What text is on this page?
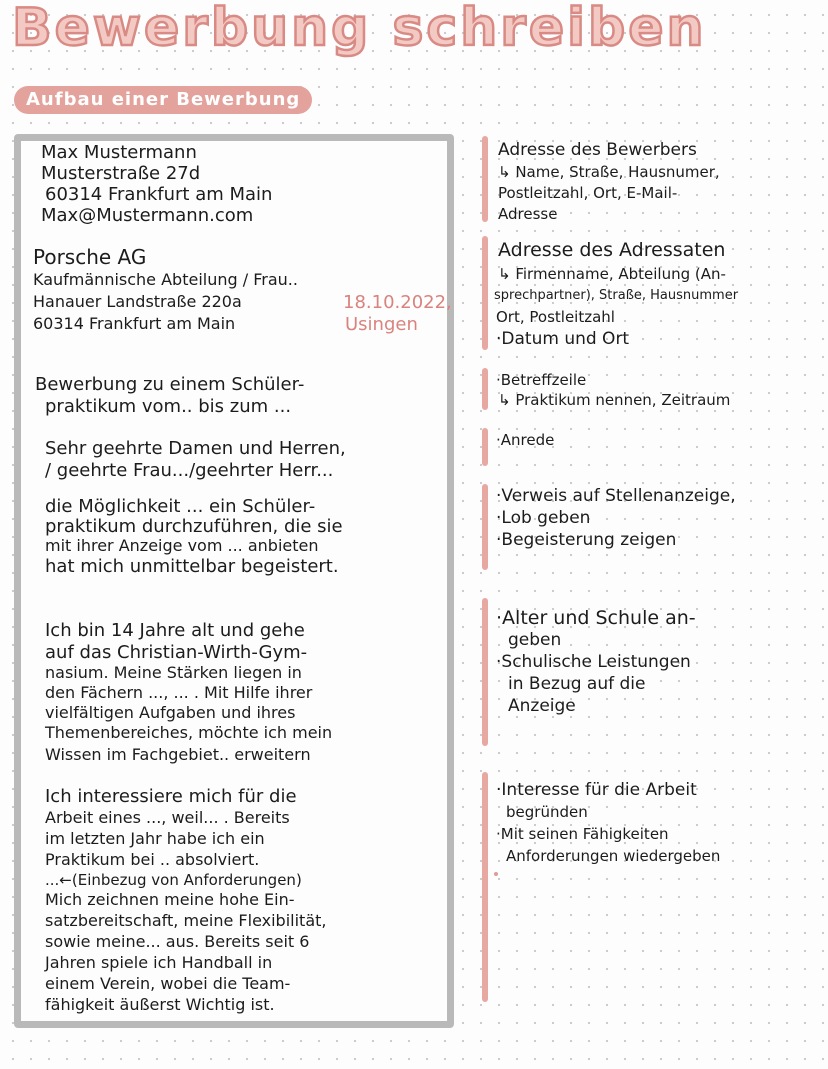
Bewerbung schreiben
Aufbau einer Bewerbung
Max Mustermann
Musterstraße 27d
60314 Frankfurt am Main
Max@Mustermann.com
Porsche AG
Kaufmännische Abteilung / Frau..
Hanauer Landstraße 220a
60314 Frankfurt am Main
18.10.2022,
Usingen
Bewerbung zu einem Schüler-
praktikum vom.. bis zum ...
Sehr geehrte Damen und Herren,
/ geehrte Frau.../geehrter Herr...
die Möglichkeit ... ein Schüler-
praktikum durchzuführen, die sie
mit ihrer Anzeige vom ... anbieten
hat mich unmittelbar begeistert.
Ich bin 14 Jahre alt und gehe
auf das Christian-Wirth-Gym-
nasium. Meine Stärken liegen in
den Fächern ..., ... . Mit Hilfe ihrer
vielfältigen Aufgaben und ihres
Themenbereiches, möchte ich mein
Wissen im Fachgebiet.. erweitern
Ich interessiere mich für die
Arbeit eines ..., weil... . Bereits
im letzten Jahr habe ich ein
Praktikum bei .. absolviert.
...←(Einbezug von Anforderungen)
Mich zeichnen meine hohe Ein-
satzbereitschaft, meine Flexibilität,
sowie meine... aus. Bereits seit 6
Jahren spiele ich Handball in
einem Verein, wobei die Team-
fähigkeit äußerst Wichtig ist.
Adresse des Bewerbers
↳ Name, Straße, Hausnumer,
Postleitzahl, Ort, E-Mail-
Adresse
Adresse des Adressaten
↳ Firmenname, Abteilung (An-
sprechpartner), Straße, Hausnummer
Ort, Postleitzahl
·Datum und Ort
·Betreffzeile
↳ Praktikum nennen, Zeitraum
·Anrede
·Verweis auf Stellenanzeige,
·Lob geben
·Begeisterung zeigen
·Alter und Schule an-
geben
·Schulische Leistungen
in Bezug auf die
Anzeige
·Interesse für die Arbeit
begründen
·Mit seinen Fähigkeiten
Anforderungen wiedergeben
